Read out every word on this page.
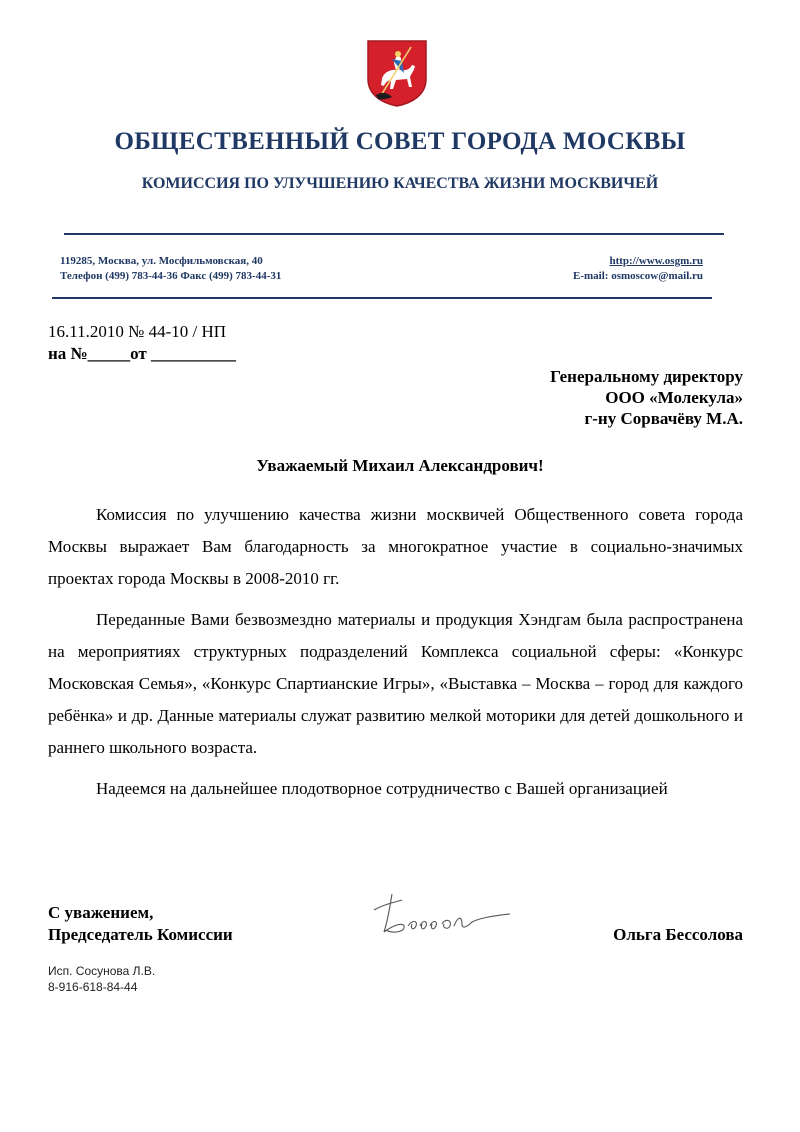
ОБЩЕСТВЕННЫЙ СОВЕТ ГОРОДА МОСКВЫ
КОМИССИЯ ПО УЛУЧШЕНИЮ КАЧЕСТВА ЖИЗНИ МОСКВИЧЕЙ
119285, Москва, ул. Мосфильмовская, 40
Телефон (499) 783-44-36 Факс (499) 783-44-31
http://www.osgm.ru
E-mail: osmoscow@mail.ru
16.11.2010 № 44-10 / НП
на №_____от __________
Генеральному директору
ООО «Молекула»
г-ну Сорвачёву М.А.
Уважаемый Михаил Александрович!
Комиссия по улучшению качества жизни москвичей Общественного совета города Москвы выражает Вам благодарность за многократное участие в социально-значимых проектах города Москвы в 2008-2010 гг.
Переданные Вами безвозмездно материалы и продукция Хэндгам была распространена на мероприятиях структурных подразделений Комплекса социальной сферы: «Конкурс Московская Семья», «Конкурс Спартианские Игры», «Выставка – Москва – город для каждого ребёнка» и др. Данные материалы служат развитию мелкой моторики для детей дошкольного и раннего школьного возраста.
Надеемся на дальнейшее плодотворное сотрудничество с Вашей организацией
С уважением,
Председатель Комиссии	Ольга Бессолова
Исп. Сосунова Л.В.
8-916-618-84-44
